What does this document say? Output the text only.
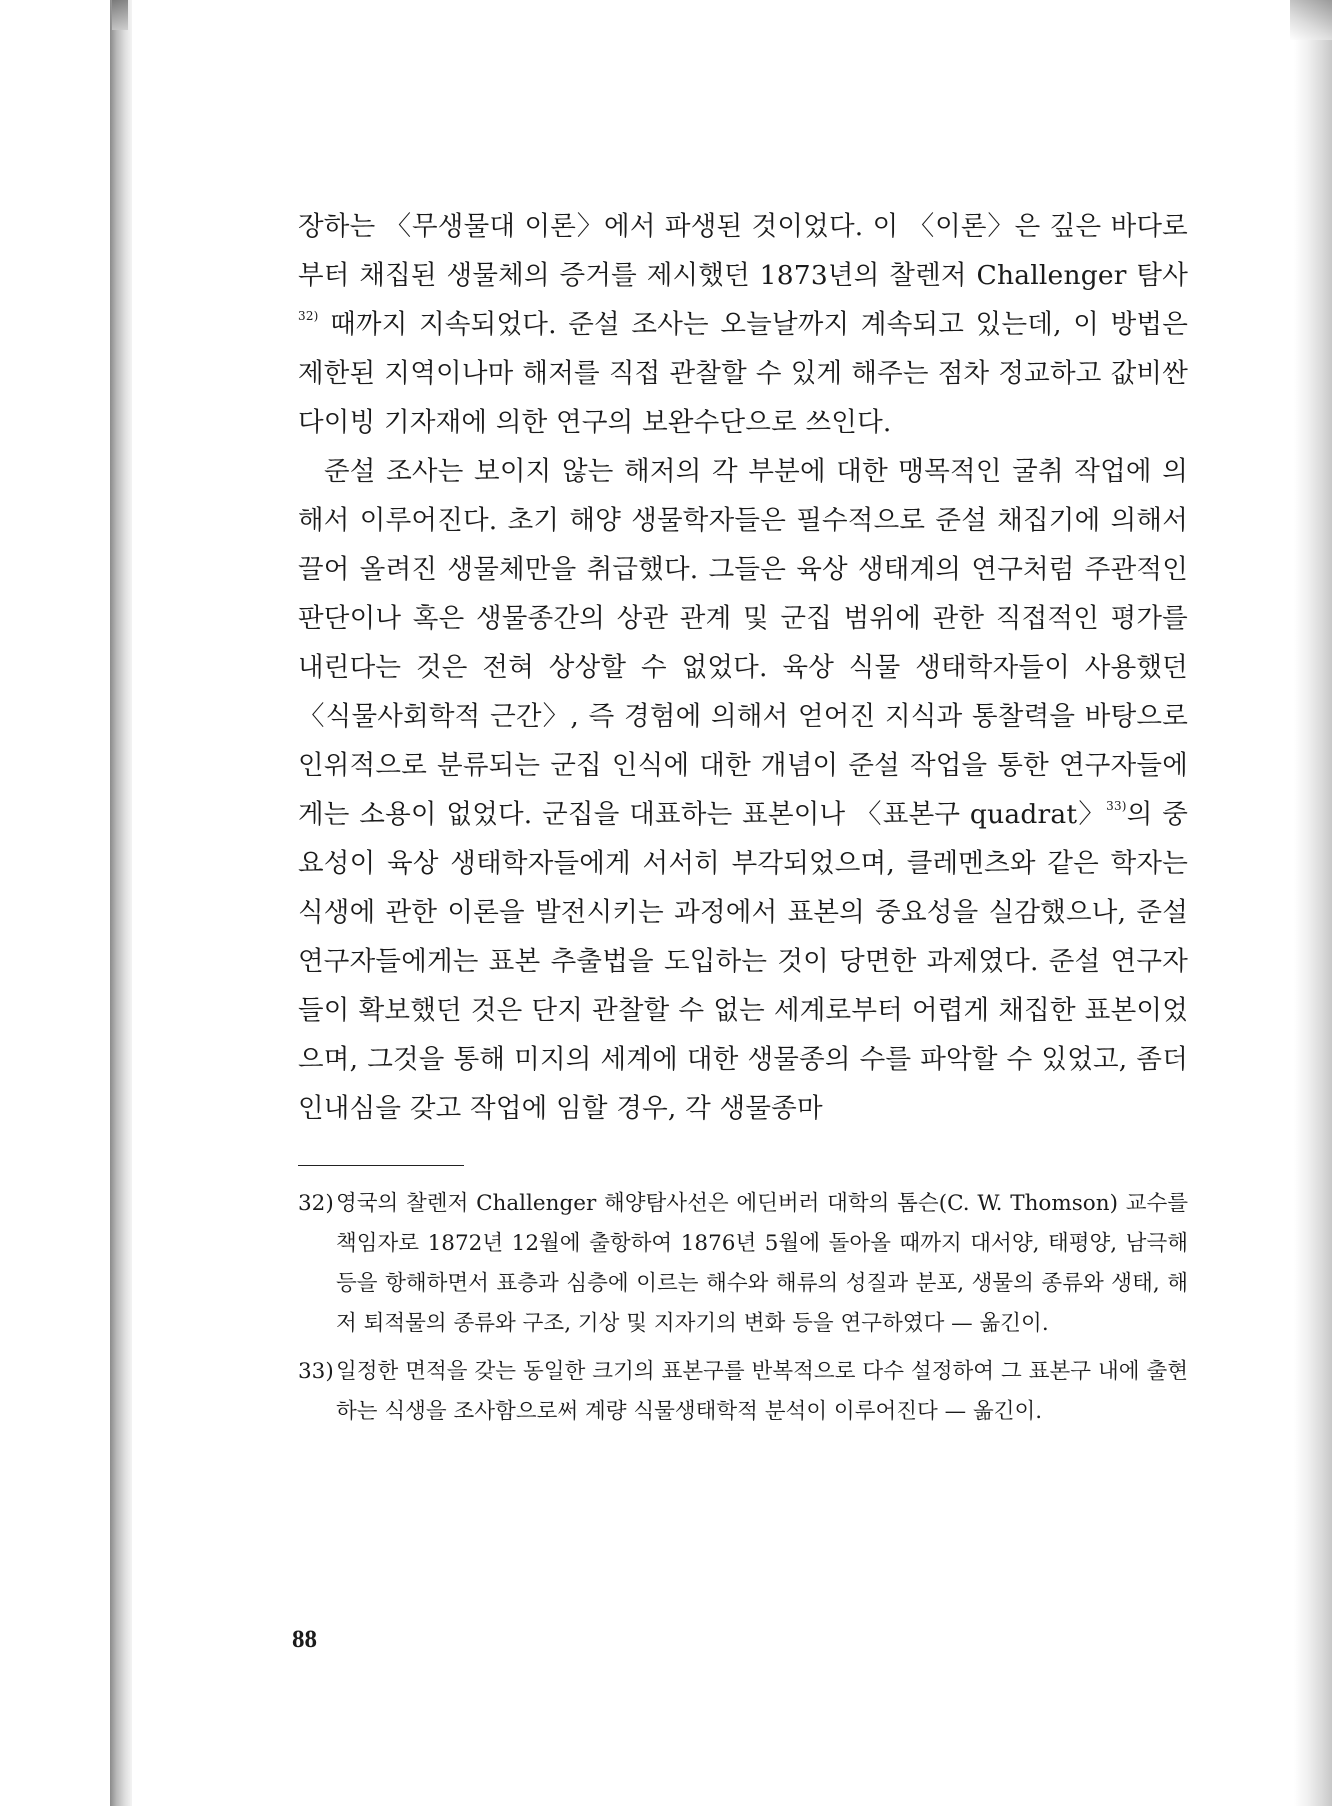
장하는 〈무생물대 이론〉에서 파생된 것이었다. 이 〈이론〉은 깊은 바다로부터 채집된 생물체의 증거를 제시했던 1873년의 찰렌저 Challenger 탐사$^{32)}$ 때까지 지속되었다. 준설 조사는 오늘날까지 계속되고 있는데, 이 방법은 제한된 지역이나마 해저를 직접 관찰할 수 있게 해주는 점차 정교하고 값비싼 다이빙 기자재에 의한 연구의 보완수단으로 쓰인다.

준설 조사는 보이지 않는 해저의 각 부분에 대한 맹목적인 굴취 작업에 의해서 이루어진다. 초기 해양 생물학자들은 필수적으로 준설 채집기에 의해서 끌어 올려진 생물체만을 취급했다. 그들은 육상 생태계의 연구처럼 주관적인 판단이나 혹은 생물종간의 상관 관계 및 군집 범위에 관한 직접적인 평가를 내린다는 것은 전혀 상상할 수 없었다. 육상 식물 생태학자들이 사용했던 〈식물사회학적 근간〉, 즉 경험에 의해서 얻어진 지식과 통찰력을 바탕으로 인위적으로 분류되는 군집 인식에 대한 개념이 준설 작업을 통한 연구자들에게는 소용이 없었다. 군집을 대표하는 표본이나 〈표본구 quadrat〉$^{33)}$의 중요성이 육상 생태학자들에게 서서히 부각되었으며, 클레멘츠와 같은 학자는 식생에 관한 이론을 발전시키는 과정에서 표본의 중요성을 실감했으나, 준설 연구자들에게는 표본 추출법을 도입하는 것이 당면한 과제였다. 준설 연구자들이 확보했던 것은 단지 관찰할 수 없는 세계로부터 어렵게 채집한 표본이었으며, 그것을 통해 미지의 세계에 대한 생물종의 수를 파악할 수 있었고, 좀더 인내심을 갖고 작업에 임할 경우, 각 생물종마

32) 영국의 찰렌저 Challenger 해양탐사선은 에딘버러 대학의 톰슨(C. W. Thomson) 교수를 책임자로 1872년 12월에 출항하여 1876년 5월에 돌아올 때까지 대서양, 태평양, 남극해 등을 항해하면서 표층과 심층에 이르는 해수와 해류의 성질과 분포, 생물의 종류와 생태, 해저 퇴적물의 종류와 구조, 기상 및 지자기의 변화 등을 연구하였다 — 옮긴이.
33) 일정한 면적을 갖는 동일한 크기의 표본구를 반복적으로 다수 설정하여 그 표본구 내에 출현하는 식생을 조사함으로써 계량 식물생태학적 분석이 이루어진다 — 옮긴이.
88
